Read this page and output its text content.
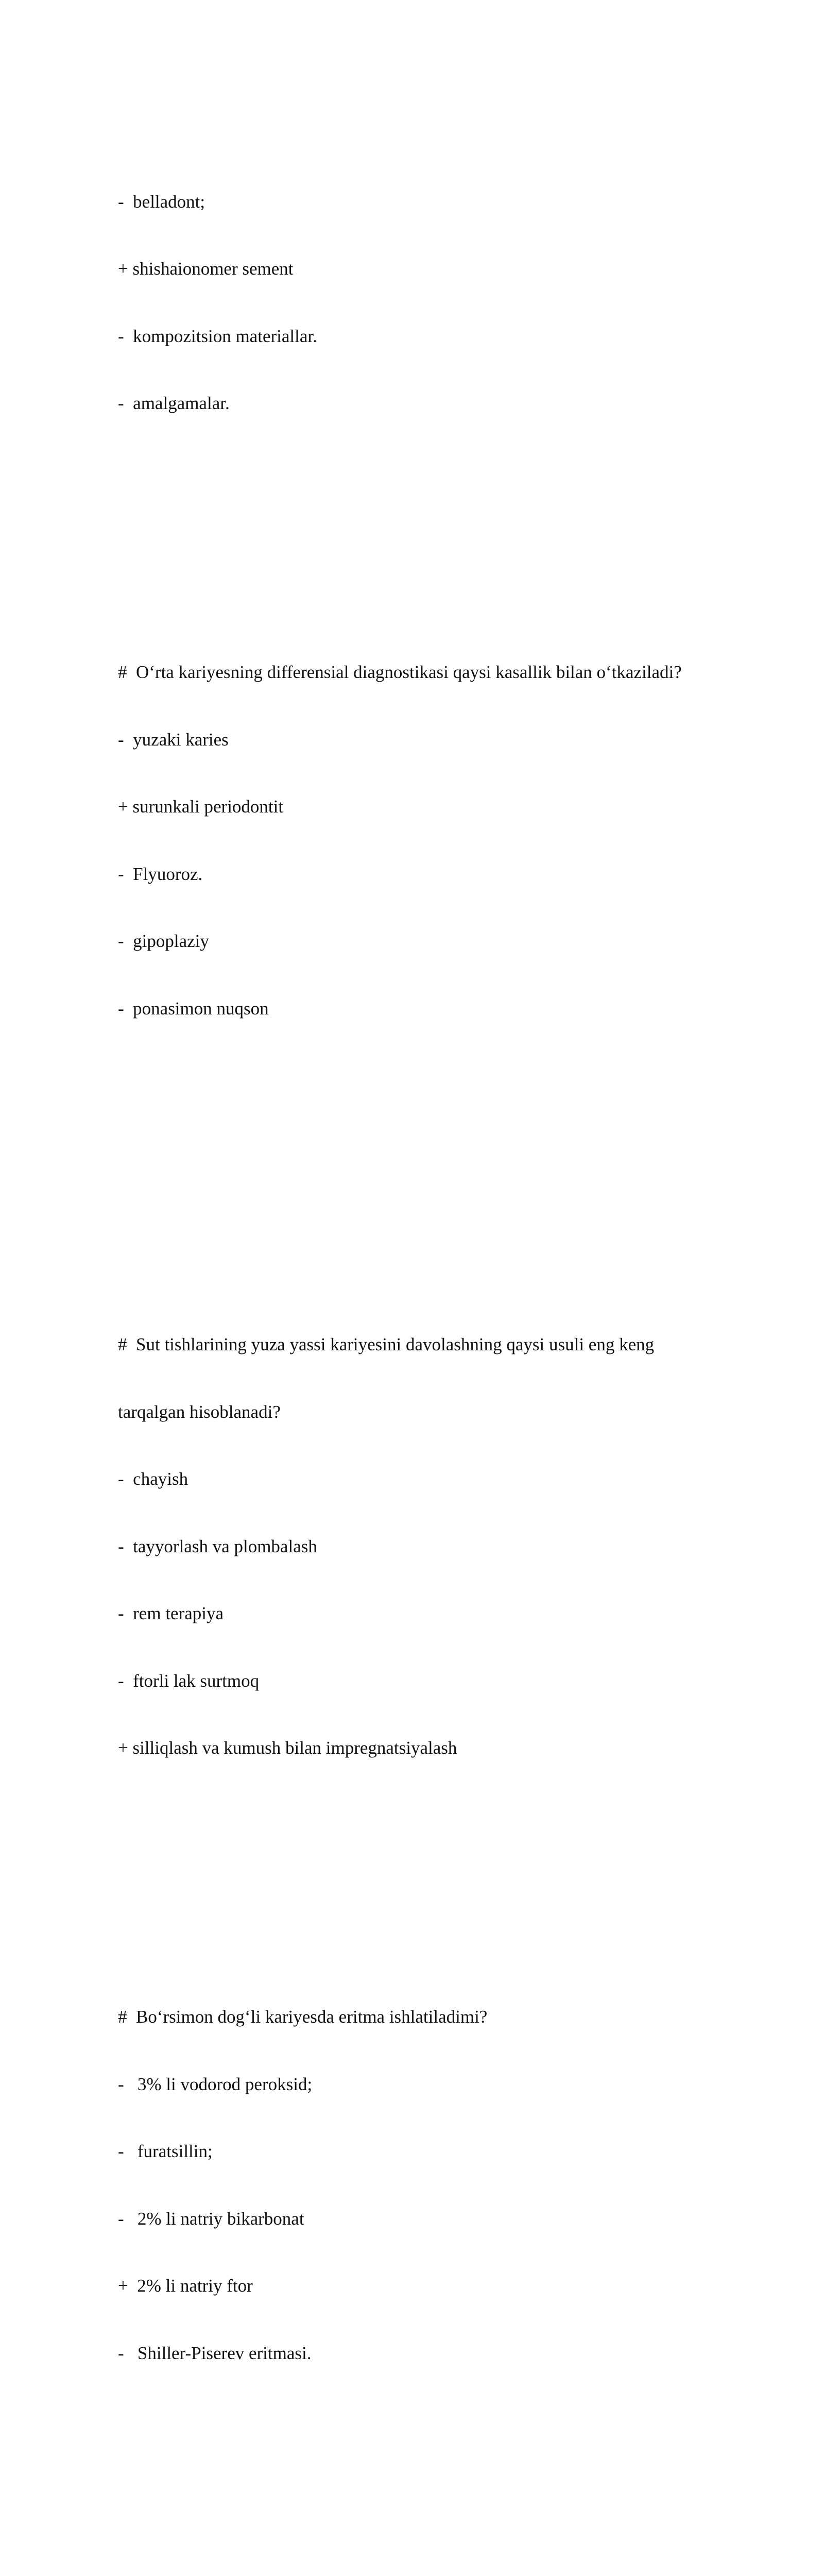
-  belladont;

+ shishaionomer sement

-  kompozitsion materiallar.

-  amalgamalar.

#  O‘rta kariyesning differensial diagnostikasi qaysi kasallik bilan o‘tkaziladi?

-  yuzaki karies

+ surunkali periodontit

-  Flyuoroz.

-  gipoplaziy

-  ponasimon nuqson

#  Sut tishlarining yuza yassi kariyesini davolashning qaysi usuli eng keng

tarqalgan hisoblanadi?

-  chayish

-  tayyorlash va plombalash

-  rem terapiya

-  ftorli lak surtmoq

+ silliqlash va kumush bilan impregnatsiyalash

#  Bo‘rsimon dog‘li kariyesda eritma ishlatiladimi?

-   3% li vodorod peroksid;

-   furatsillin;

-   2% li natriy bikarbonat

+  2% li natriy ftor

-   Shiller-Piserev eritmasi.
